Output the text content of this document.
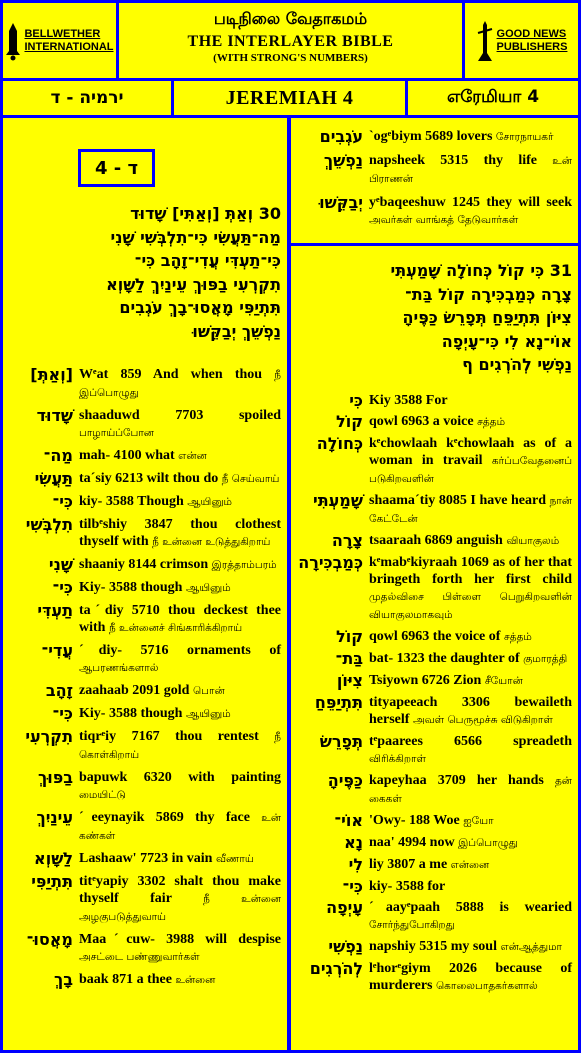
BELLWETHER
INTERNATIONAL
படிநிலை வேதாகமம்
THE INTERLAYER BIBLE
(WITH STRONG'S NUMBERS)
GOOD NEWS
PUBLISHERS
ירמיה - ד	JEREMIAH 4	எரேமியா 4
ד - 4
30 וְאַתְּ [וְאַתִּי] שָׁדוּד
מַה־תַּעֲשִׂי כִּי־תִלְבְּשִׁי שָׁנִי
כִּי־תַעְדִּי עֲדִי־זָהָב כִּי־
תִקְרְעִי בַפּוּךְ עֵינַיִךְ לַשָּׁוְא
תִּתְיַפִּי מָאֲסוּ־בָךְ עֹגְבִים
נַפְשֵׁךְ יְבַקֵּשׁוּ
[וְאַתְּ] Wᵉat 859 And when thou நீ இப்பொழுது
שָׁדוּד shaaduwd 7703 spoiled பாழாய்ப்போன
מַה־ mah- 4100 what என்ன
תַּעֲשִׂי taˊsiy 6213 wilt thou do நீ செய்வாய்
כִּי־ kiy- 3588 Though ஆயினும்
תִלְבְּשִׁי tilbᵉshiy 3847 thou clothest thyself with நீ உன்னை உடுத்துகிறாய்
שָׁנִי shaaniy 8144 crimson இரத்தாம்பரம்
כִּי־ Kiy- 3588 though ஆயினும்
תַעְדִּי taˊdiy 5710 thou deckest thee with நீ உன்னைச் சிங்காரிக்கிறாய்
עֲדִי־ ˊdiy- 5716 ornaments of ஆபரணங்களால்
זָהָב zaahaab 2091 gold பொன்
כִּי־ Kiy- 3588 though ஆயினும்
תִקְרְעִי tiqrᵉiy 7167 thou rentest நீ கொள்கிறாய்
בַפּוּךְ bapuwk 6320 with painting மையிட்டு
עֵינַיִךְ ˊeeynayik 5869 thy face உன் கண்கள்
לַשָּׁוְא Lashaaw' 7723 in vain வீணாய்
תִּתְיַפִּי titᵉyapiy 3302 shalt thou make thyself fair	நீ உன்னை அழகுபடுத்துவாய்
מָאֲסוּ־ Maaˊcuw- 3988 will despise அசட்டை பண்ணுவார்கள்
בָךְ baak 871 a thee உன்னை
עֹגְבִים `ogᵉbiym 5689 lovers சோரநாயகர்
נַפְשֵׁךְ napsheek 5315 thy life உன் பிராணன்
יְבַקֵּשׁוּ yᵉbaqeeshuw 1245 they will seek அவர்கள் வாங்கத் தேடுவார்கள்
31 כִּי קוֹל כְּחוֹלָה שָׁמַעְתִּי
צָרָה כְּמַבְכִּירָה קוֹל בַּת־
צִיּוֹן תִּתְיַפֵּחַ תְּפָרֵשׂ כַּפֶּיהָ
אוֹי־נָא לִי כִּי־עָיְפָה
נַפְשִׁי לְהֹרְגִים ף
כִּי Kiy 3588 For
קוֹל qowl 6963 a voice சத்தம்
כְּחוֹלָה kᵉchowlaah kᵉchowlaah as of a woman in travail கர்ப்பவேதனைப் படுகிறவளின்
שָׁמַעְתִּי shaamaˊtiy 8085 I have heard நான் கேட்டேன்
צָרָה tsaaraah 6869 anguish வியாகுலம்
כְּמַבְכִּירָה kᵉmabᵉkiyraah 1069 as of her that bringeth forth her first child முதல்விசை பிள்ளை பெறுகிறவளின் வியாகுலமாகவும்
קוֹל qowl 6963 the voice of சத்தம்
בַּת־ bat- 1323 the daughter of குமாரத்தி
צִיּוֹן Tsiyown 6726 Zion சீயோன்
תִּתְיַפֵּחַ tityapeeach 3306 bewaileth herself அவள் பெருமூச்சு விடுகிறாள்
תְּפָרֵשׂ tᵉpaarees 6566 spreadeth விரிக்கிறாள்
כַּפֶּיהָ kapeyhaa 3709 her hands தன் கைகள்
אוֹי־ 'Owy- 188 Woe ஐயோ
נָא naa' 4994 now இப்பொழுது
לִי liy 3807 a me என்னை
כִּי־ kiy- 3588 for
עָיְפָה ˊaayᵉpaah 5888 is wearied சோர்ந்துபோகிறது
נַפְשִׁי napshiy 5315 my soul என்ஆத்துமா
לְהֹרְגִים lᵉhorᵉgiym 2026 because of murderers கொலைபாதகர்களால்
